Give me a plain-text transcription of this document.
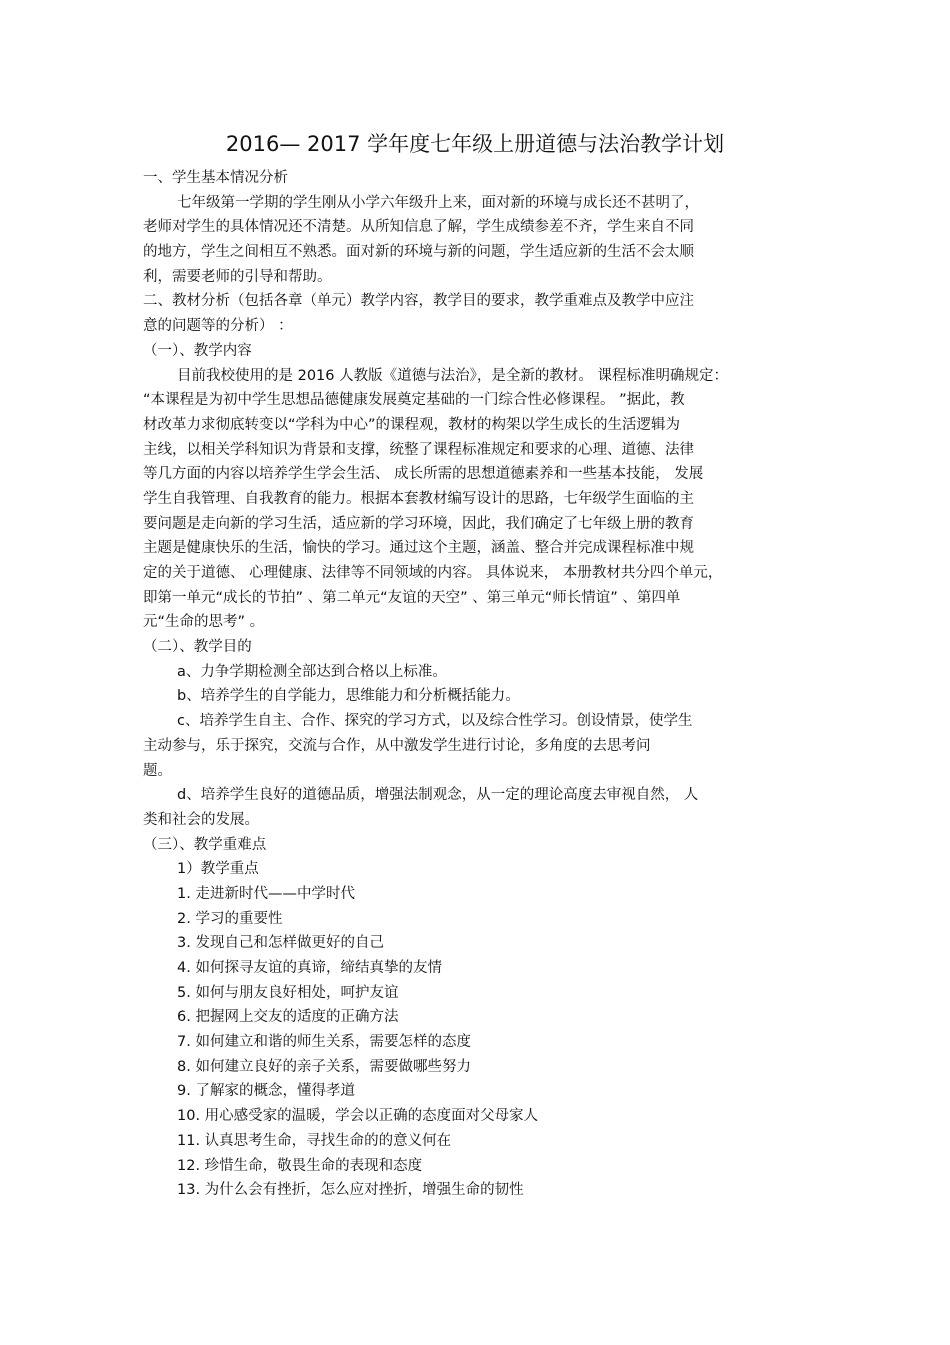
2016— 2017 学年度七年级上册道德与法治教学计划
一、学生基本情况分析
七年级第一学期的学生刚从小学六年级升上来，面对新的环境与成长还不甚明了，
老师对学生的具体情况还不清楚。从所知信息了解，学生成绩参差不齐，学生来自不同
的地方，学生之间相互不熟悉。面对新的环境与新的问题，学生适应新的生活不会太顺
利，需要老师的引导和帮助。
二、教材分析（包括各章（单元）教学内容，教学目的要求，教学重难点及教学中应注
意的问题等的分析） ：
（一）、教学内容
目前我校使用的是 2016 人教版《道德与法治》，是全新的教材。 课程标准明确规定：
“本课程是为初中学生思想品德健康发展奠定基础的一门综合性必修课程。 ”据此，教
材改革力求彻底转变以“学科为中心”的课程观，教材的构架以学生成长的生活逻辑为
主线，以相关学科知识为背景和支撑，统整了课程标准规定和要求的心理、道德、法律
等几方面的内容以培养学生学会生活、 成长所需的思想道德素养和一些基本技能， 发展
学生自我管理、自我教育的能力。根据本套教材编写设计的思路，七年级学生面临的主
要问题是走向新的学习生活，适应新的学习环境，因此，我们确定了七年级上册的教育
主题是健康快乐的生活，愉快的学习。通过这个主题，涵盖、整合并完成课程标准中规
定的关于道德、 心理健康、法律等不同领域的内容。 具体说来， 本册教材共分四个单元，
即第一单元“成长的节拍” 、第二单元“友谊的天空” 、第三单元“师长情谊” 、第四单
元“生命的思考” 。
（二）、教学目的
a、力争学期检测全部达到合格以上标准。
b、培养学生的自学能力，思维能力和分析概括能力。
c、培养学生自主、合作、探究的学习方式，以及综合性学习。创设情景，使学生
主动参与，乐于探究，交流与合作，从中激发学生进行讨论，多角度的去思考问
题。
d、培养学生良好的道德品质，增强法制观念，从一定的理论高度去审视自然， 人
类和社会的发展。
（三）、教学重难点
1）教学重点
1. 走进新时代——中学时代
2. 学习的重要性
3. 发现自己和怎样做更好的自己
4. 如何探寻友谊的真谛，缔结真挚的友情
5. 如何与朋友良好相处，呵护友谊
6. 把握网上交友的适度的正确方法
7. 如何建立和谐的师生关系，需要怎样的态度
8. 如何建立良好的亲子关系，需要做哪些努力
9. 了解家的概念，懂得孝道
10. 用心感受家的温暖，学会以正确的态度面对父母家人
11. 认真思考生命，寻找生命的的意义何在
12. 珍惜生命，敬畏生命的表现和态度
13. 为什么会有挫折，怎么应对挫折，增强生命的韧性
